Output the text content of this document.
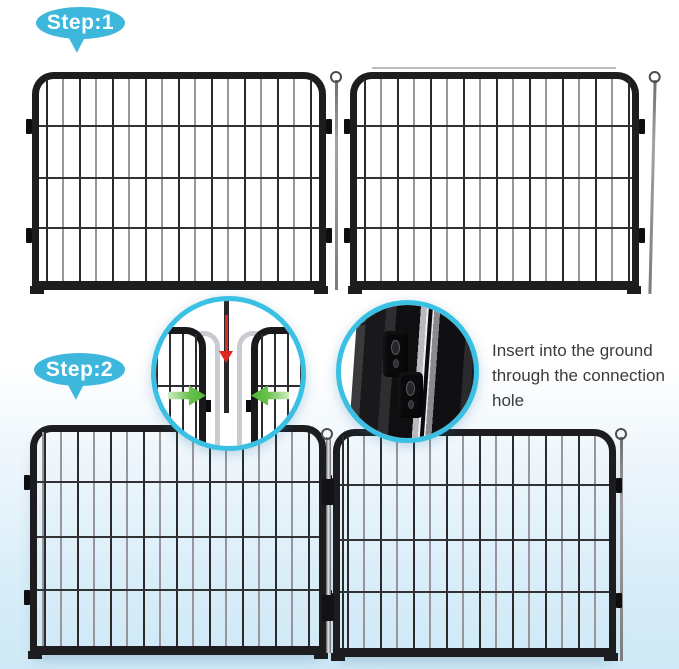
Step:1
Step:2
Insert into the ground through the connection hole
